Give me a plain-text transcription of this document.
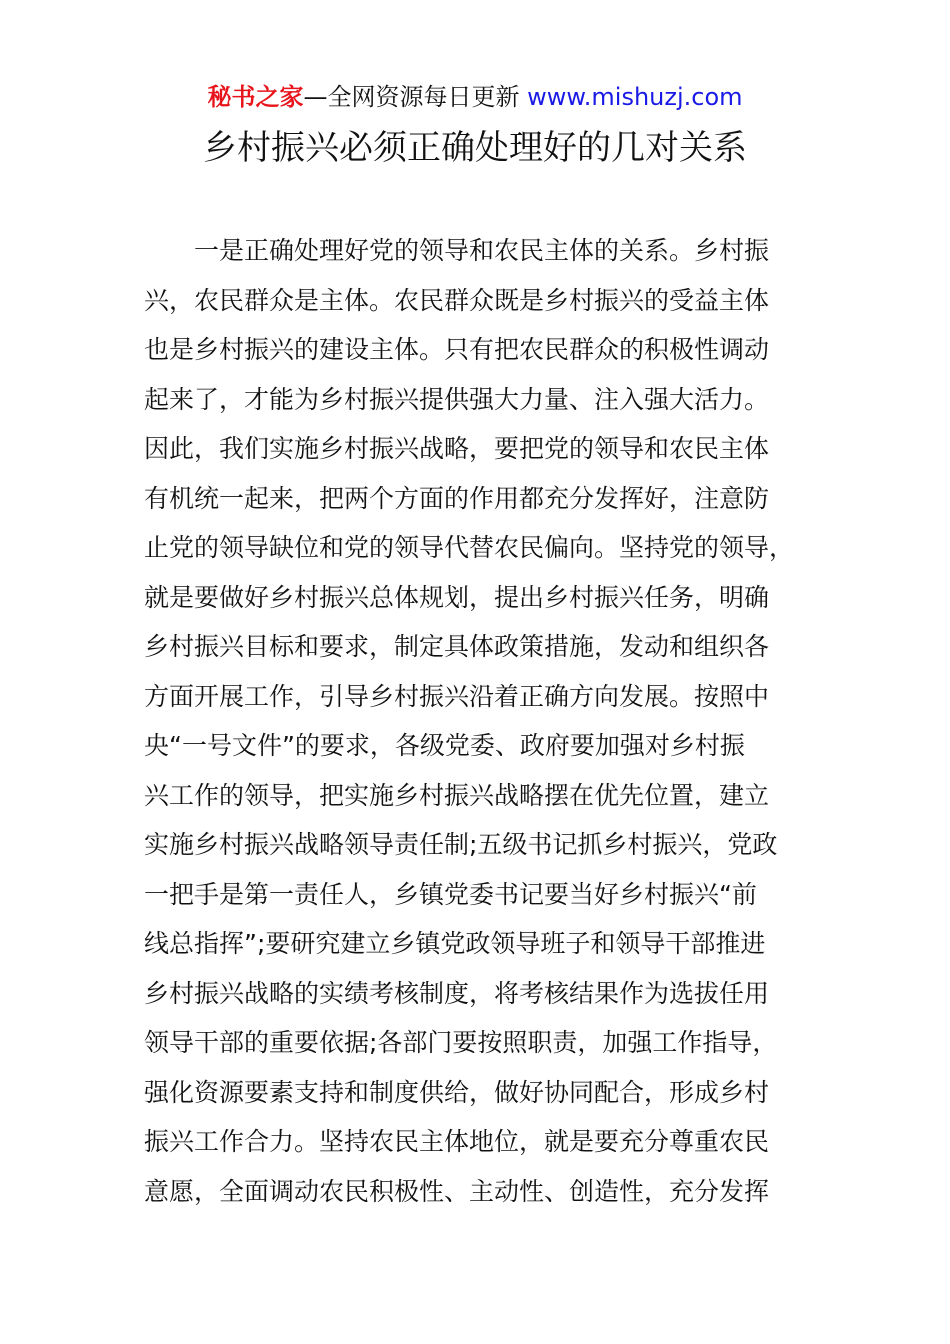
秘书之家—全网资源每日更新 www.mishuzj.com
乡村振兴必须正确处理好的几对关系
　　一是正确处理好党的领导和农民主体的关系。乡村振
兴，农民群众是主体。农民群众既是乡村振兴的受益主体
也是乡村振兴的建设主体。只有把农民群众的积极性调动
起来了，才能为乡村振兴提供强大力量、注入强大活力。
因此，我们实施乡村振兴战略，要把党的领导和农民主体
有机统一起来，把两个方面的作用都充分发挥好，注意防
止党的领导缺位和党的领导代替农民偏向。坚持党的领导，
就是要做好乡村振兴总体规划，提出乡村振兴任务，明确
乡村振兴目标和要求，制定具体政策措施，发动和组织各
方面开展工作，引导乡村振兴沿着正确方向发展。按照中
央“一号文件”的要求，各级党委、政府要加强对乡村振
兴工作的领导，把实施乡村振兴战略摆在优先位置，建立
实施乡村振兴战略领导责任制;五级书记抓乡村振兴，党政
一把手是第一责任人，乡镇党委书记要当好乡村振兴“前
线总指挥”;要研究建立乡镇党政领导班子和领导干部推进
乡村振兴战略的实绩考核制度，将考核结果作为选拔任用
领导干部的重要依据;各部门要按照职责，加强工作指导，
强化资源要素支持和制度供给，做好协同配合，形成乡村
振兴工作合力。坚持农民主体地位，就是要充分尊重农民
意愿，全面调动农民积极性、主动性、创造性，充分发挥
